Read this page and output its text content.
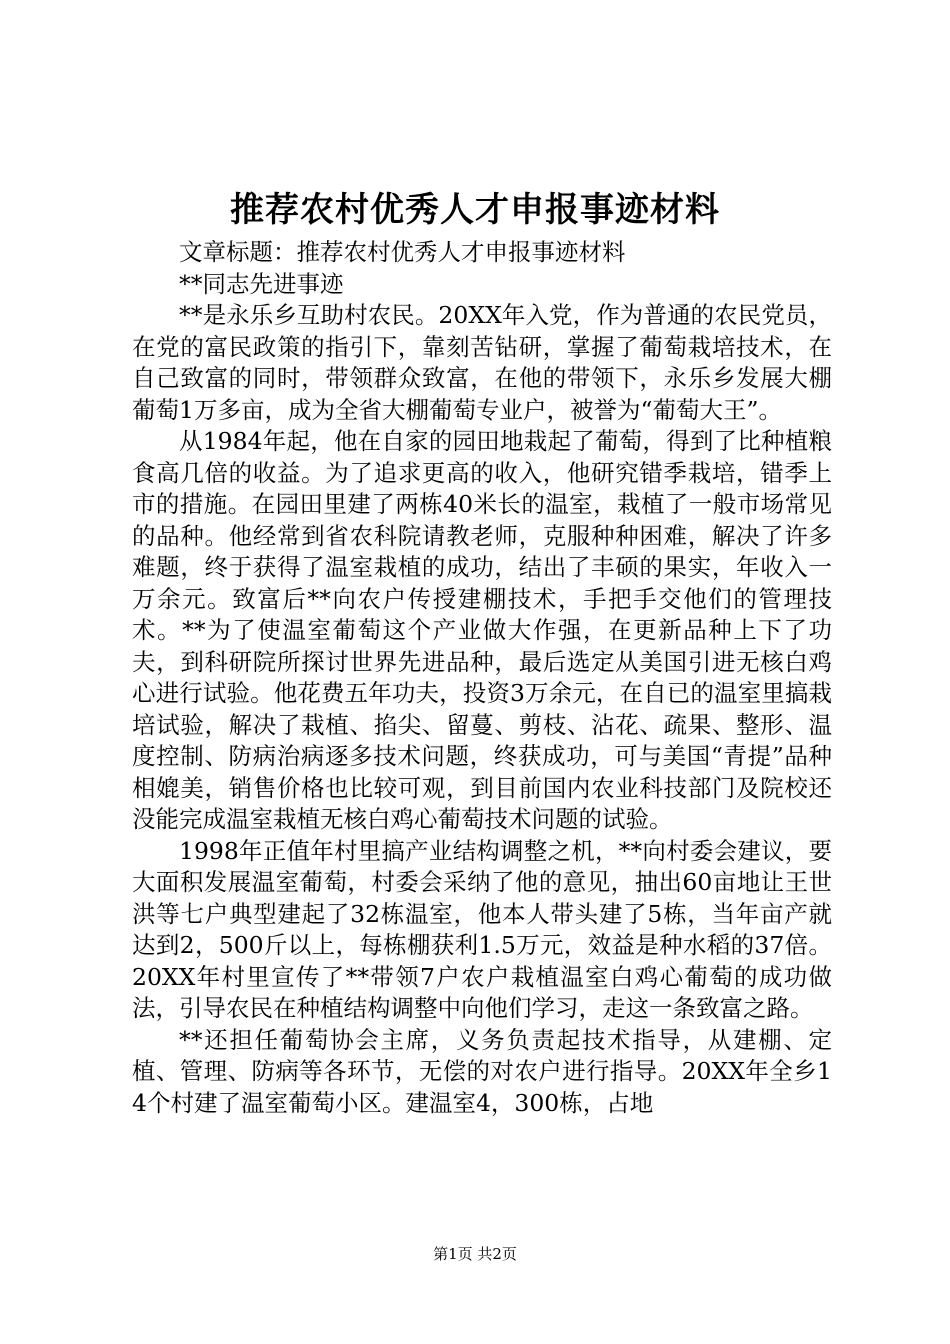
推荐农村优秀人才申报事迹材料

文章标题：推荐农村优秀人才申报事迹材料

**同志先进事迹

**是永乐乡互助村农民。20XX年入党，作为普通的农民党员，在党的富民政策的指引下，靠刻苦钻研，掌握了葡萄栽培技术，在自己致富的同时，带领群众致富，在他的带领下，永乐乡发展大棚葡萄1万多亩，成为全省大棚葡萄专业户，被誉为“葡萄大王”。

从1984年起，他在自家的园田地栽起了葡萄，得到了比种植粮食高几倍的收益。为了追求更高的收入，他研究错季栽培，错季上市的措施。在园田里建了两栋40米长的温室，栽植了一般市场常见的品种。他经常到省农科院请教老师，克服种种困难，解决了许多难题，终于获得了温室栽植的成功，结出了丰硕的果实，年收入一万余元。致富后**向农户传授建棚技术，手把手交他们的管理技术。**为了使温室葡萄这个产业做大作强，在更新品种上下了功夫，到科研院所探讨世界先进品种，最后选定从美国引进无核白鸡心进行试验。他花费五年功夫，投资3万余元，在自已的温室里搞栽培试验，解决了栽植、掐尖、留蔓、剪枝、沾花、疏果、整形、温度控制、防病治病逐多技术问题，终获成功，可与美国“青提”品种相媲美，销售价格也比较可观，到目前国内农业科技部门及院校还没能完成温室栽植无核白鸡心葡萄技术问题的试验。

1998年正值年村里搞产业结构调整之机，**向村委会建议，要大面积发展温室葡萄，村委会采纳了他的意见，抽出60亩地让王世洪等七户典型建起了32栋温室，他本人带头建了5栋，当年亩产就达到2，500斤以上，每栋棚获利1.5万元，效益是种水稻的37倍。20XX年村里宣传了**带领7户农户栽植温室白鸡心葡萄的成功做法，引导农民在种植结构调整中向他们学习，走这一条致富之路。

**还担任葡萄协会主席，义务负责起技术指导，从建棚、定植、管理、防病等各环节，无偿的对农户进行指导。20XX年全乡14个村建了温室葡萄小区。建温室4，300栋，占地

第1页 共2页
